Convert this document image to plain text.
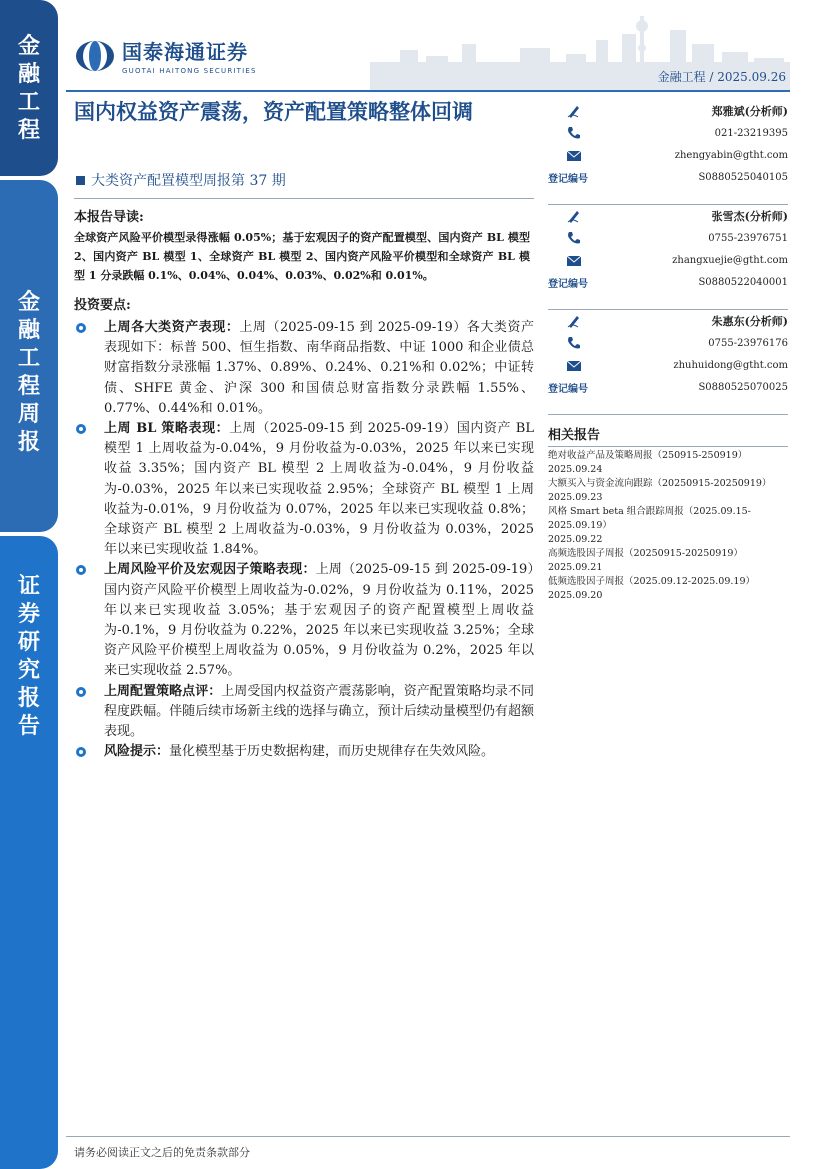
金
融
工
程
金
融
工
程
周
报
证
券
研
究
报
告
国泰海通证券
GUOTAI HAITONG SECURITIES	金融工程 / 2025.09.26
国内权益资产震荡，资产配置策略整体回调
大类资产配置模型周报第 37 期
本报告导读:
全球资产风险平价模型录得涨幅 0.05%；基于宏观因子的资产配置模型、国内资产 BL 模型 2、国内资产 BL 模型 1、全球资产 BL 模型 2、国内资产风险平价模型和全球资产 BL 模型 1 分录跌幅 0.1%、0.04%、0.04%、0.03%、0.02%和 0.01%。
投资要点:
上周各大类资产表现：上周（2025-09-15 到 2025-09-19）各大类资产表现如下：标普 500、恒生指数、南华商品指数、中证 1000 和企业债总财富指数分录涨幅 1.37%、0.89%、0.24%、0.21%和 0.02%；中证转债、SHFE 黄金、沪深 300 和国债总财富指数分录跌幅 1.55%、0.77%、0.44%和 0.01%。
上周 BL 策略表现：上周（2025-09-15 到 2025-09-19）国内资产 BL 模型 1 上周收益为-0.04%，9 月份收益为-0.03%，2025 年以来已实现收益 3.35%；国内资产 BL 模型 2 上周收益为-0.04%，9 月份收益为-0.03%，2025 年以来已实现收益 2.95%；全球资产 BL 模型 1 上周收益为-0.01%，9 月份收益为 0.07%，2025 年以来已实现收益 0.8%；全球资产 BL 模型 2 上周收益为-0.03%，9 月份收益为 0.03%，2025 年以来已实现收益 1.84%。
上周风险平价及宏观因子策略表现：上周（2025-09-15 到 2025-09-19）国内资产风险平价模型上周收益为-0.02%，9 月份收益为 0.11%，2025 年以来已实现收益 3.05%；基于宏观因子的资产配置模型上周收益为-0.1%，9 月份收益为 0.22%，2025 年以来已实现收益 3.25%；全球资产风险平价模型上周收益为 0.05%，9 月份收益为 0.2%，2025 年以来已实现收益 2.57%。
上周配置策略点评：上周受国内权益资产震荡影响，资产配置策略均录不同程度跌幅。伴随后续市场新主线的选择与确立，预计后续动量模型仍有超额表现。
风险提示：量化模型基于历史数据构建，而历史规律存在失效风险。
郑雅斌(分析师)
021-23219395
zhengyabin@gtht.com
登记编号	S0880525040105
张雪杰(分析师)
0755-23976751
zhangxuejie@gtht.com
登记编号	S0880522040001
朱惠东(分析师)
0755-23976176
zhuhuidong@gtht.com
登记编号	S0880525070025
相关报告
绝对收益产品及策略周报（250915-250919）
2025.09.24
大额买入与资金流向跟踪（20250915-20250919）
2025.09.23
风格 Smart beta 组合跟踪周报（2025.09.15-2025.09.19）
2025.09.22
高频选股因子周报（20250915-20250919）
2025.09.21
低频选股因子周报（2025.09.12-2025.09.19）
2025.09.20
请务必阅读正文之后的免责条款部分
